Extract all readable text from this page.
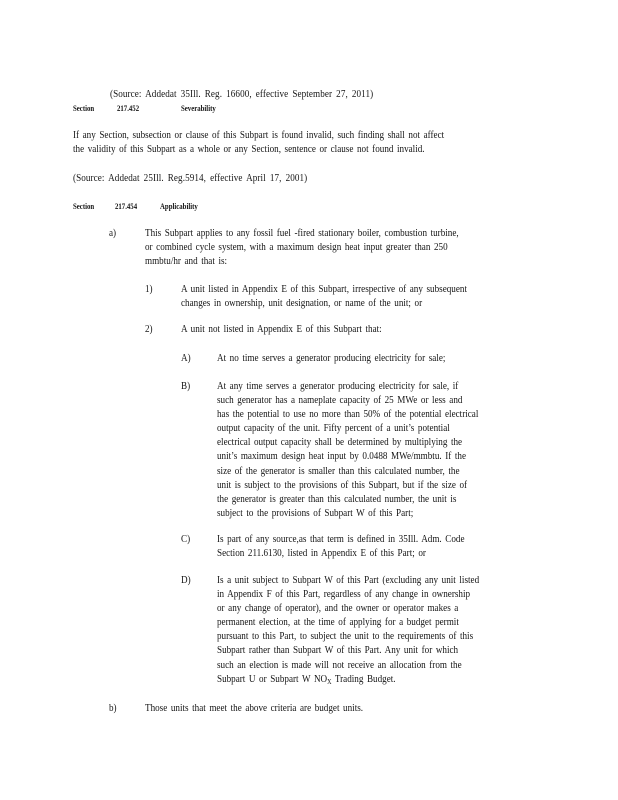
(Source: Addedat 35Ill. Reg. 16600, effective September 27, 2011)
Section	217.452	Severability
If any Section, subsection or clause of this Subpart is found invalid, such finding shall not affect
the validity of this Subpart as a whole or any Section, sentence or clause not found invalid.
(Source: Addedat 25Ill. Reg.5914, effective April 17, 2001)
Section 217.454	Applicability
a)	This Subpart applies to any fossil fuel -fired stationary boiler, combustion turbine,
or combined cycle system, with a maximum design heat input greater than 250
mmbtu/hr and that is:
1)	A unit listed in Appendix E of this Subpart, irrespective of any subsequent
changes in ownership, unit designation, or name of the unit; or
2)	A unit not listed in Appendix E of this Subpart that:
A) At no time serves a generator producing electricity for sale;
B)	At any time serves a generator producing electricity for sale, if
such generator has a nameplate capacity of 25 MWe or less and
has the potential to use no more than 50% of the potential electrical
output capacity of the unit. Fifty percent of a unit’s potential
electrical output capacity shall be determined by multiplying the
unit’s maximum design heat input by 0.0488 MWe/mmbtu. If the
size of the generator is smaller than this calculated number, the
unit is subject to the provisions of this Subpart, but if the size of
the generator is greater than this calculated number, the unit is
subject to the provisions of Subpart W of this Part;
C)	Is part of any source,as that term is defined in 35Ill. Adm. Code
Section 211.6130, listed in Appendix E of this Part; or
D) Is a unit subject to Subpart W of this Part (excluding any unit listed
in Appendix F of this Part, regardless of any change in ownership
or any change of operator), and the owner or operator makes a
permanent election, at the time of applying for a budget permit
pursuant to this Part, to subject the unit to the requirements of this
Subpart rather than Subpart W of this Part. Any unit for which
such an election is made will not receive an allocation from the
Subpart U or Subpart W $NO_X$ Trading Budget.
b)	Those units that meet the above criteria are budget units.
